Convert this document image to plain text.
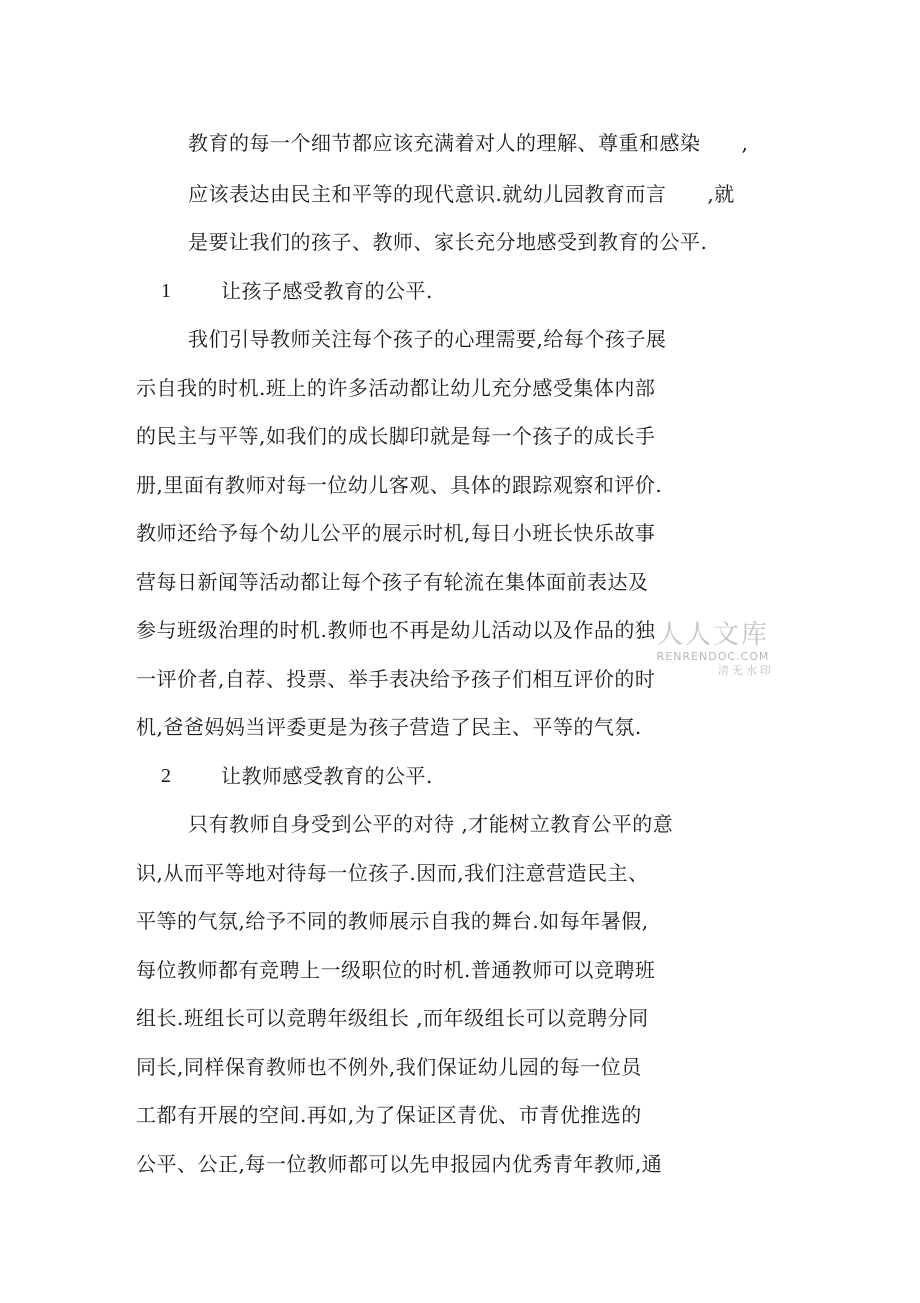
教育的每一个细节都应该充满着对人的理解、尊重和感染　　,
应该表达由民主和平等的现代意识.就幼儿园教育而言　　,就
是要让我们的孩子、教师、家长充分地感受到教育的公平.
1	让孩子感受教育的公平.
我们引导教师关注每个孩子的心理需要,给每个孩子展
示自我的时机.班上的许多活动都让幼儿充分感受集体内部
的民主与平等,如我们的成长脚印就是每一个孩子的成长手
册,里面有教师对每一位幼儿客观、具体的跟踪观察和评价.
教师还给予每个幼儿公平的展示时机,每日小班长快乐故事
营每日新闻等活动都让每个孩子有轮流在集体面前表达及
参与班级治理的时机.教师也不再是幼儿活动以及作品的独
一评价者,自荐、投票、举手表决给予孩子们相互评价的时
机,爸爸妈妈当评委更是为孩子营造了民主、平等的气氛.
2	让教师感受教育的公平.
只有教师自身受到公平的对待 ,才能树立教育公平的意
识,从而平等地对待每一位孩子.因而,我们注意营造民主、
平等的气氛,给予不同的教师展示自我的舞台.如每年暑假,
每位教师都有竞聘上一级职位的时机.普通教师可以竞聘班
组长.班组长可以竞聘年级组长 ,而年级组长可以竞聘分同
同长,同样保育教师也不例外,我们保证幼儿园的每一位员
工都有开展的空间.再如,为了保证区青优、市青优推选的
公平、公正,每一位教师都可以先申报园内优秀青年教师,通
人人文库
RENRENDOC.COM
清无水印
